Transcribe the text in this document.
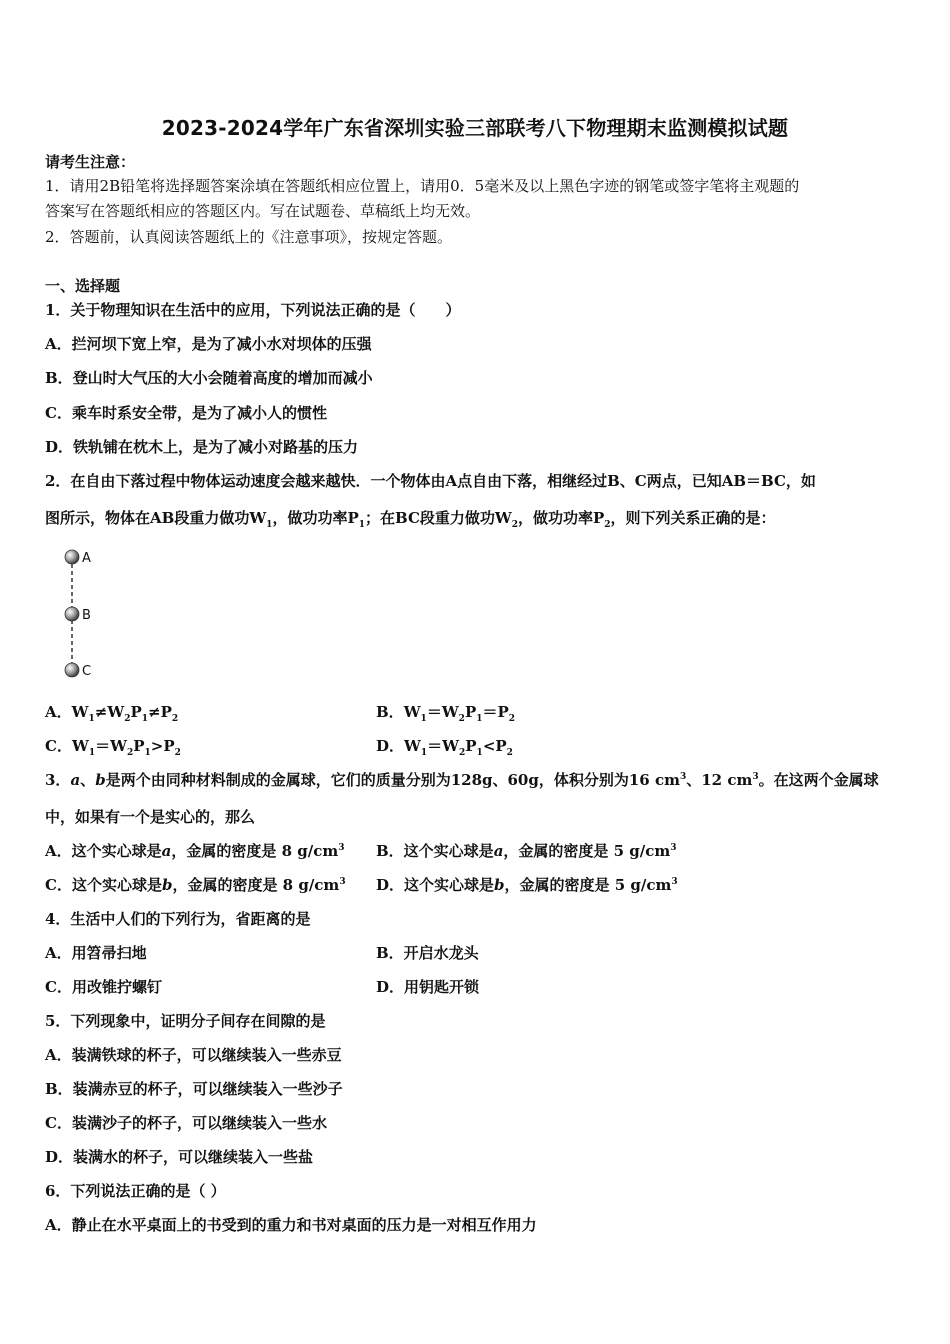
2023-2024学年广东省深圳实验三部联考八下物理期末监测模拟试题
请考生注意：
1．请用2B铅笔将选择题答案涂填在答题纸相应位置上，请用0．5毫米及以上黑色字迹的钢笔或签字笔将主观题的
答案写在答题纸相应的答题区内。写在试题卷、草稿纸上均无效。
2．答题前，认真阅读答题纸上的《注意事项》，按规定答题。
一、选择题
1．关于物理知识在生活中的应用，下列说法正确的是（　　）
A．拦河坝下宽上窄，是为了减小水对坝体的压强
B．登山时大气压的大小会随着高度的增加而减小
C．乘车时系安全带，是为了减小人的惯性
D．铁轨铺在枕木上，是为了减小对路基的压力
2．在自由下落过程中物体运动速度会越来越快．一个物体由A点自由下落，相继经过B、C两点，已知AB＝BC，如
图所示，物体在AB段重力做功$W_1$，做功功率$P_1$；在BC段重力做功$W_2$，做功功率$P_2$，则下列关系正确的是：
A
B
C
A．$W_1\ne W_2P_1\ne P_2$	B．$W_1=W_2P_1=P_2$
C．$W_1=W_2P_1>P_2$	D．$W_1=W_2P_1<P_2$
3．a、b是两个由同种材料制成的金属球，它们的质量分别为128g、60g，体积分别为16 $cm^3$、12 $cm^3$。在这两个金属球
中，如果有一个是实心的，那么
A．这个实心球是a，金属的密度是 8 $g/cm^3$ B．这个实心球是a，金属的密度是 5 $g/cm^3$
C．这个实心球是b，金属的密度是 8 $g/cm^3$ D．这个实心球是b，金属的密度是 5 $g/cm^3$
4．生活中人们的下列行为，省距离的是
A．用笤帚扫地	B．开启水龙头
C．用改锥拧螺钉	D．用钥匙开锁
5．下列现象中，证明分子间存在间隙的是
A．装满铁球的杯子，可以继续装入一些赤豆
B．装满赤豆的杯子，可以继续装入一些沙子
C．装满沙子的杯子，可以继续装入一些水
D．装满水的杯子，可以继续装入一些盐
6．下列说法正确的是（ ）
A．静止在水平桌面上的书受到的重力和书对桌面的压力是一对相互作用力
